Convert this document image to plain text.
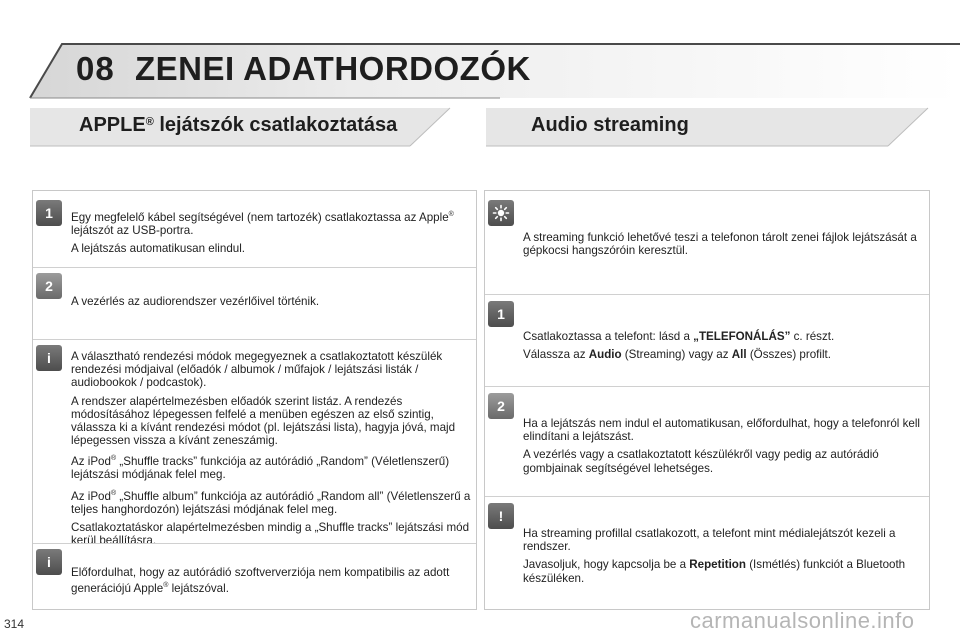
08 ZENEI ADATHORDOZÓK
APPLE® lejátszók csatlakoztatása	Audio streaming
1	Egy megfelelő kábel segítségével (nem tartozék) csatlakoztassa az Apple® lejátszót az USB-portra.

A lejátszás automatikusan elindul.

2

A vezérlés az audiorendszer vezérlőivel történik.

i	A választható rendezési módok megegyeznek a csatlakoztatott készülék rendezési módjaival (előadók / albumok / műfajok / lejátszási listák / audiobookok / podcastok).

A rendszer alapértelmezésben előadók szerint listáz. A rendezés módosításához lépegessen felfelé a menüben egészen az első szintig, válassza ki a kívánt rendezési módot (pl. lejátszási lista), hagyja jóvá, majd lépegessen vissza a kívánt zeneszámig.

Az iPod® „Shuffle tracks” funkciója az autórádió „Random” (Véletlenszerű) lejátszási módjának felel meg.

Az iPod® „Shuffle album” funkciója az autórádió „Random all” (Véletlenszerű a teljes hanghordozón) lejátszási módjának felel meg.

Csatlakoztatáskor alapértelmezésben mindig a „Shuffle tracks” lejátszási mód kerül beállításra.

i

Előfordulhat, hogy az autórádió szoftververziója nem kompatibilis az adott generációjú Apple® lejátszóval.

A streaming funkció lehetővé teszi a telefonon tárolt zenei fájlok lejátszását a gépkocsi hangszóróin keresztül.

1

Csatlakoztassa a telefont: lásd a „TELEFONÁLÁS” c. részt.

Válassza az Audio (Streaming) vagy az All (Összes) profilt.

2

Ha a lejátszás nem indul el automatikusan, előfordulhat, hogy a telefonról kell elindítani a lejátszást.

A vezérlés vagy a csatlakoztatott készülékről vagy pedig az autórádió gombjainak segítségével lehetséges.

!

Ha streaming profillal csatlakozott, a telefont mint médialejátszót kezeli a rendszer.

Javasoljuk, hogy kapcsolja be a Repetition (Ismétlés) funkciót a Bluetooth készüléken.

314	carmanualsonline.info
